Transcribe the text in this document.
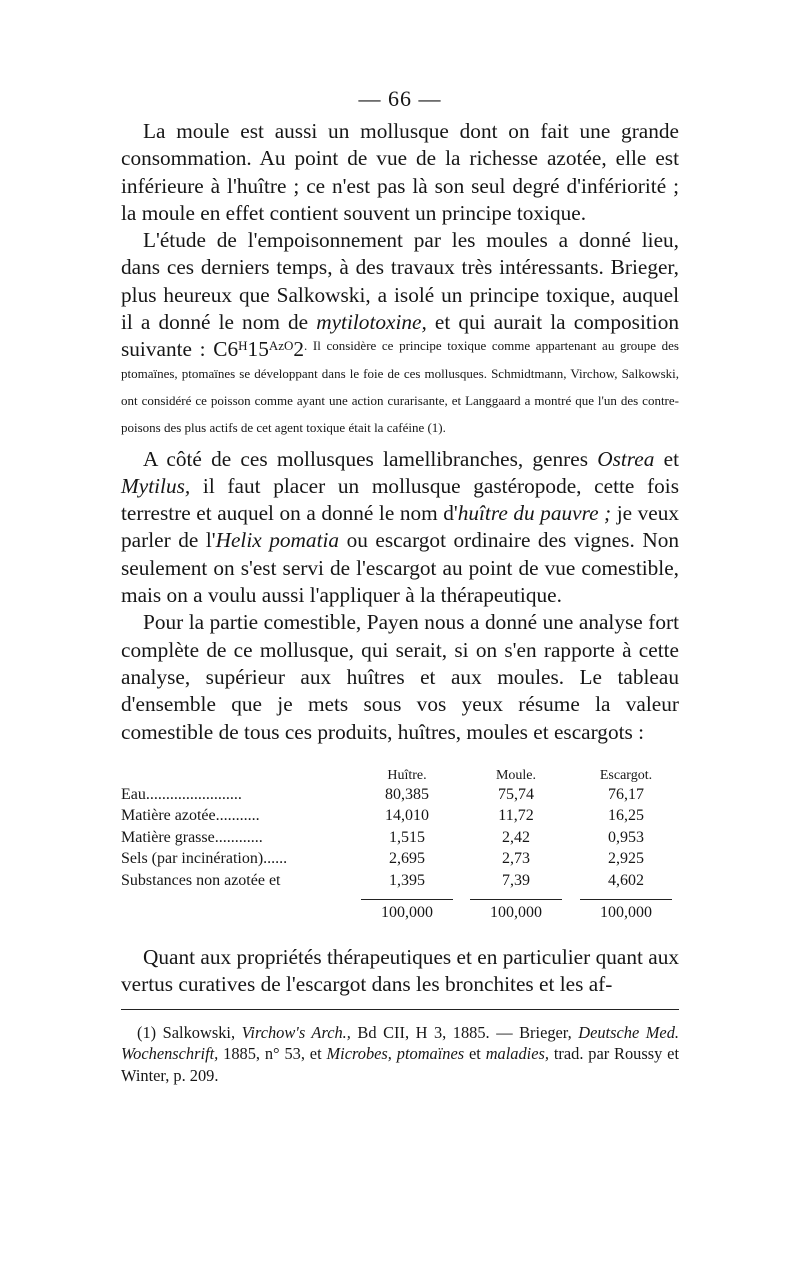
— 66 —

La moule est aussi un mollusque dont on fait une grande consommation. Au point de vue de la richesse azotée, elle est inférieure à l'huître ; ce n'est pas là son seul degré d'infériorité ; la moule en effet contient souvent un principe toxique.

L'étude de l'empoisonnement par les moules a donné lieu, dans ces derniers temps, à des travaux très intéressants. Brieger, plus heureux que Salkowski, a isolé un principe toxique, auquel il a donné le nom de mytilotoxine, et qui aurait la composition suivante : $C6^H15^{AzO}2$. Il considère ce principe toxique comme appartenant au groupe des ptomaïnes, ptomaïnes se développant dans le foie de ces mollusques. Schmidtmann, Virchow, Salkowski, ont considéré ce poisson comme ayant une action curarisante, et Langgaard a montré que l'un des contre-poisons des plus actifs de cet agent toxique était la caféine (1).

A côté de ces mollusques lamellibranches, genres Ostrea et Mytilus, il faut placer un mollusque gastéropode, cette fois terrestre et auquel on a donné le nom d'huître du pauvre ; je veux parler de l'Helix pomatia ou escargot ordinaire des vignes. Non seulement on s'est servi de l'escargot au point de vue comestible, mais on a voulu aussi l'appliquer à la thérapeutique.

Pour la partie comestible, Payen nous a donné une analyse fort complète de ce mollusque, qui serait, si on s'en rapporte à cette analyse, supérieur aux huîtres et aux moules. Le tableau d'ensemble que je mets sous vos yeux résume la valeur comestible de tous ces produits, huîtres, moules et escargots :

	Huître.	Moule.	Escargot.
Eau........................	80,385	75,74	76,17
Matière azotée...........	14,010	11,72	16,25
Matière grasse............	1,515	2,42	0,953
Sels (par incinération)......	2,695	2,73	2,925
Substances non azotée et	1,395	7,39	4,602
	100,000	100,000	100,000

Quant aux propriétés thérapeutiques et en particulier quant aux vertus curatives de l'escargot dans les bronchites et les af-

(1) Salkowski, Virchow's Arch., Bd CII, H 3, 1885. — Brieger, Deutsche Med. Wochenschrift, 1885, n° 53, et Microbes, ptomaïnes et maladies, trad. par Roussy et Winter, p. 209.
